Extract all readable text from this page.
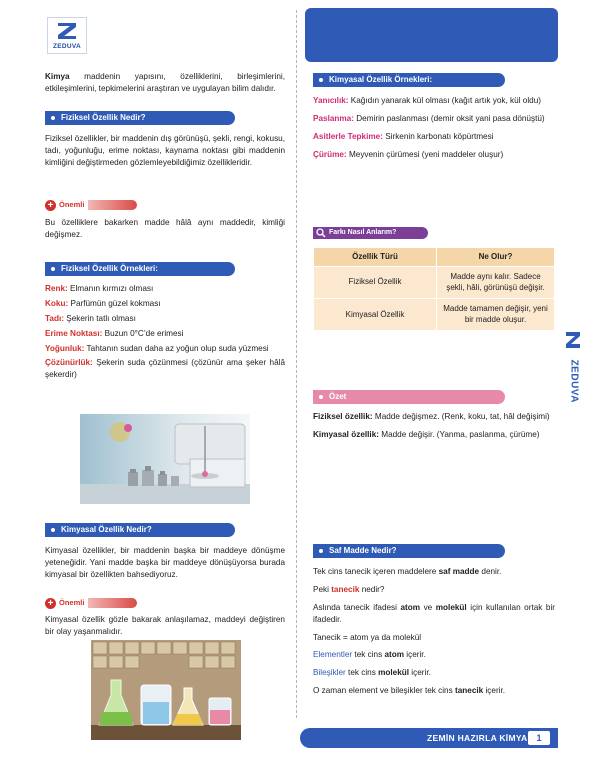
ZEDUVA

Kimya maddenin yapısını, özelliklerini, birleşimlerini, etkileşimlerini, tepkimelerini araştıran ve uygulayan bilim dalıdır.

Fiziksel Özellik Nedir?

Fiziksel özellikler, bir maddenin dış görünüşü, şekli, rengi, kokusu, tadı, yoğunluğu, erime noktası, kaynama noktası gibi maddenin kimliğini değiştirmeden gözlemleyebildiğimiz özellikleridir.

+ Önemli

Bu özelliklere bakarken madde hâlâ aynı maddedir, kimliği değişmez.

Fiziksel Özellik Örnekleri:

Renk: Elmanın kırmızı olması

Koku: Parfümün güzel kokması

Tadı: Şekerin tatlı olması

Erime Noktası: Buzun 0°C’de erimesi

Yoğunluk: Tahtanın sudan daha az yoğun olup suda yüzmesi

Çözünürlük: Şekerin suda çözünmesi (çözünür ama şeker hâlâ şekerdir)

Kimyasal Özellik Nedir?

Kimyasal özellikler, bir maddenin başka bir maddeye dönüşme yeteneğidir. Yani madde başka bir maddeye dönüşüyorsa burada kimyasal bir özellikten bahsediyoruz.

+ Önemli

Kimyasal özellik gözle bakarak anlaşılamaz, maddeyi değiştiren bir olay yaşanmalıdır.

Kimyasal Özellik Örnekleri:

Yanıcılık: Kağıdın yanarak kül olması (kağıt artık yok, kül oldu)

Paslanma: Demirin paslanması (demir oksit yani pasa dönüştü)

Asitlerle Tepkime: Sirkenin karbonatı köpürtmesi

Çürüme: Meyvenin çürümesi (yeni maddeler oluşur)

Farkı Nasıl Anlarım?
Özellik Türü	Ne Olur?
Fiziksel Özellik	Madde aynı kalır. Sadece şekli, hâli, görünüşü değişir.
Kimyasal Özellik	Madde tamamen değişir, yeni bir madde oluşur.
Özet

Fiziksel özellik: Madde değişmez. (Renk, koku, tat, hâl değişimi)

Kimyasal özellik: Madde değişir. (Yanma, paslanma, çürüme)

Saf Madde Nedir?

Tek cins tanecik içeren maddelere saf madde denir.

Peki tanecik nedir?

Aslında tanecik ifadesi atom ve molekül için kullanılan ortak bir ifadedir.

Tanecik = atom ya da molekül

Elementler tek cins atom içerir.

Bileşikler tek cins molekül içerir.

O zaman element ve bileşikler tek cins tanecik içerir.

ZEDUVA
ZEMİN HAZIRLA KİMYA	1
